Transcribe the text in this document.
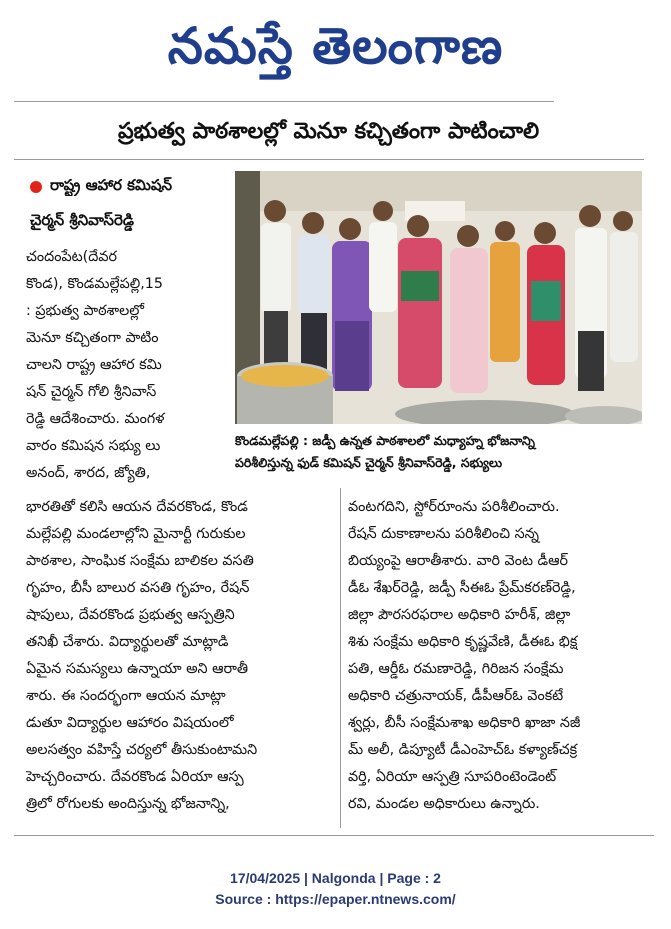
నమస్తే తెలంగాణ
ప్రభుత్వ పాఠశాలల్లో మెనూ కచ్చితంగా పాటించాలి
రాష్ట్ర ఆహార కమిషన్
చైర్మన్ శ్రీనివాస్‌రెడ్డి
చందంపేట(దేవర
కొండ), కొండమల్లేపల్లి,15
: ప్రభుత్వ పాఠశాలల్లో
మెనూ కచ్చితంగా పాటిం
చాలని రాష్ట్ర ఆహార కమి
షన్ చైర్మన్ గోలి శ్రీనివాస్
రెడ్డి ఆదేశించారు. మంగళ
వారం కమిషన సభ్యు లు
అనంద్, శారద, జ్యోతి,
భారతితో కలిసి ఆయన దేవరకొండ, కొండ
మల్లేపల్లి మండలాల్లోని మైనార్టీ గురుకుల
పాఠశాల, సాంఘిక సంక్షేమ బాలికల వసతి
గృహం, బీసీ బాలుర వసతి గృహం, రేషన్
షాపులు, దేవరకొండ ప్రభుత్వ ఆస్పత్రిని
తనిఖీ చేశారు. విద్యార్థులతో మాట్లాడి
ఏమైన సమస్యలు ఉన్నాయా అని ఆరాతీ
శారు. ఈ సందర్భంగా ఆయన మాట్లా
డుతూ విద్యార్థుల ఆహారం విషయంలో
అలసత్వం వహిస్తే చర్యలో తీసుకుంటామని
హెచ్చరించారు. దేవరకొండ ఏరియా ఆస్ప
త్రిలో రోగులకు అందిస్తున్న భోజనాన్ని,
వంటగదిని, స్టోర్‌రూంను పరిశీలించారు.
రేషన్ దుకాణాలను పరిశీలించి సన్న
బియ్యంపై ఆరాతీశారు. వారి వెంట డీఆర్
డీఓ శేఖర్‌రెడ్డి, జడ్పీ సీఈఓ ప్రేమ్‌కరణ్‌రెడ్డి,
జిల్లా పౌరసరఫరాల అధికారి హరీశ్, జిల్లా
శిశు సంక్షేమ అధికారి కృష్ణవేణి, డీఈఓ భిక్ష
పతి, ఆర్డీఓ రమణారెడ్డి, గిరిజన సంక్షేమ
అధికారి చత్రునాయక్, డీపీఆర్ఓ వెంకటే
శ్వర్లు, బీసీ సంక్షేమశాఖ అధికారి ఖాజా నజీ
మ్ అలీ, డిప్యూటీ డీఎంహెచ్ఓ కళ్యాణ్‌చక్ర
వర్తి, ఏరియా ఆస్పత్రి సూపరింటెండెంట్
రవి, మండల అధికారులు ఉన్నారు.
కొండమల్లేపల్లి : జడ్పీ ఉన్నత పాఠశాలలో మధ్యాహ్న భోజనాన్ని
పరిశీలిస్తున్న ఫుడ్ కమిషన్ చైర్మన్ శ్రీనివాస్‌రెడ్డి, సభ్యులు
17/04/2025 | Nalgonda | Page : 2
Source : https://epaper.ntnews.com/
